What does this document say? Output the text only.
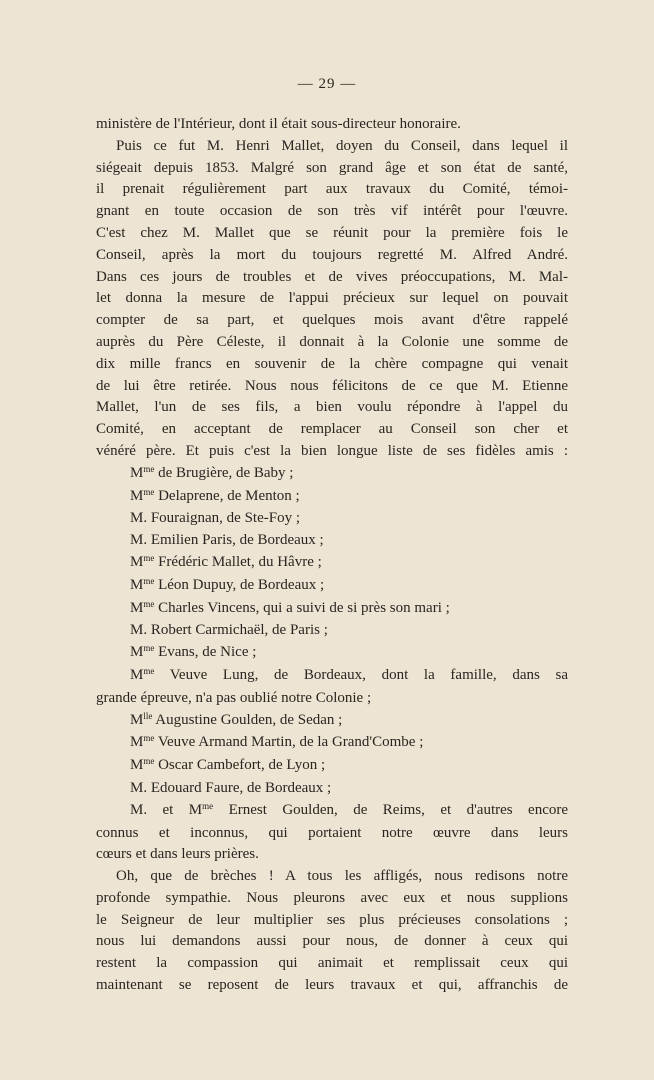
— 29 —
ministère de l'Intérieur, dont il était sous-directeur honoraire.
Puis ce fut M. Henri Mallet, doyen du Conseil, dans lequel il
siégeait depuis 1853. Malgré son grand âge et son état de santé,
il prenait régulièrement part aux travaux du Comité, témoi-
gnant en toute occasion de son très vif intérêt pour l'œuvre.
C'est chez M. Mallet que se réunit pour la première fois le
Conseil, après la mort du toujours regretté M. Alfred André.
Dans ces jours de troubles et de vives préoccupations, M. Mal-
let donna la mesure de l'appui précieux sur lequel on pouvait
compter de sa part, et quelques mois avant d'être rappelé
auprès du Père Céleste, il donnait à la Colonie une somme de
dix mille francs en souvenir de la chère compagne qui venait
de lui être retirée. Nous nous félicitons de ce que M. Etienne
Mallet, l'un de ses fils, a bien voulu répondre à l'appel du
Comité, en acceptant de remplacer au Conseil son cher et
vénéré père. Et puis c'est la bien longue liste de ses fidèles amis :
$M^{me}$ de Brugière, de Baby ;
$M^{me}$ Delaprene, de Menton ;
M. Fouraignan, de Ste-Foy ;
M. Emilien Paris, de Bordeaux ;
$M^{me}$ Frédéric Mallet, du Hâvre ;
$M^{me}$ Léon Dupuy, de Bordeaux ;
$M^{me}$ Charles Vincens, qui a suivi de si près son mari ;
M. Robert Carmichaël, de Paris ;
$M^{me}$ Evans, de Nice ;
$M^{me}$ Veuve Lung, de Bordeaux, dont la famille, dans sa
grande épreuve, n'a pas oublié notre Colonie ;
$M^{lle}$ Augustine Goulden, de Sedan ;
$M^{me}$ Veuve Armand Martin, de la Grand'Combe ;
$M^{me}$ Oscar Cambefort, de Lyon ;
M. Edouard Faure, de Bordeaux ;
M. et $M^{me}$ Ernest Goulden, de Reims, et d'autres encore
connus et inconnus, qui portaient notre œuvre dans leurs
cœurs et dans leurs prières.
Oh, que de brèches ! A tous les affligés, nous redisons notre
profonde sympathie. Nous pleurons avec eux et nous supplions
le Seigneur de leur multiplier ses plus précieuses consolations ;
nous lui demandons aussi pour nous, de donner à ceux qui
restent la compassion qui animait et remplissait ceux qui
maintenant se reposent de leurs travaux et qui, affranchis de
